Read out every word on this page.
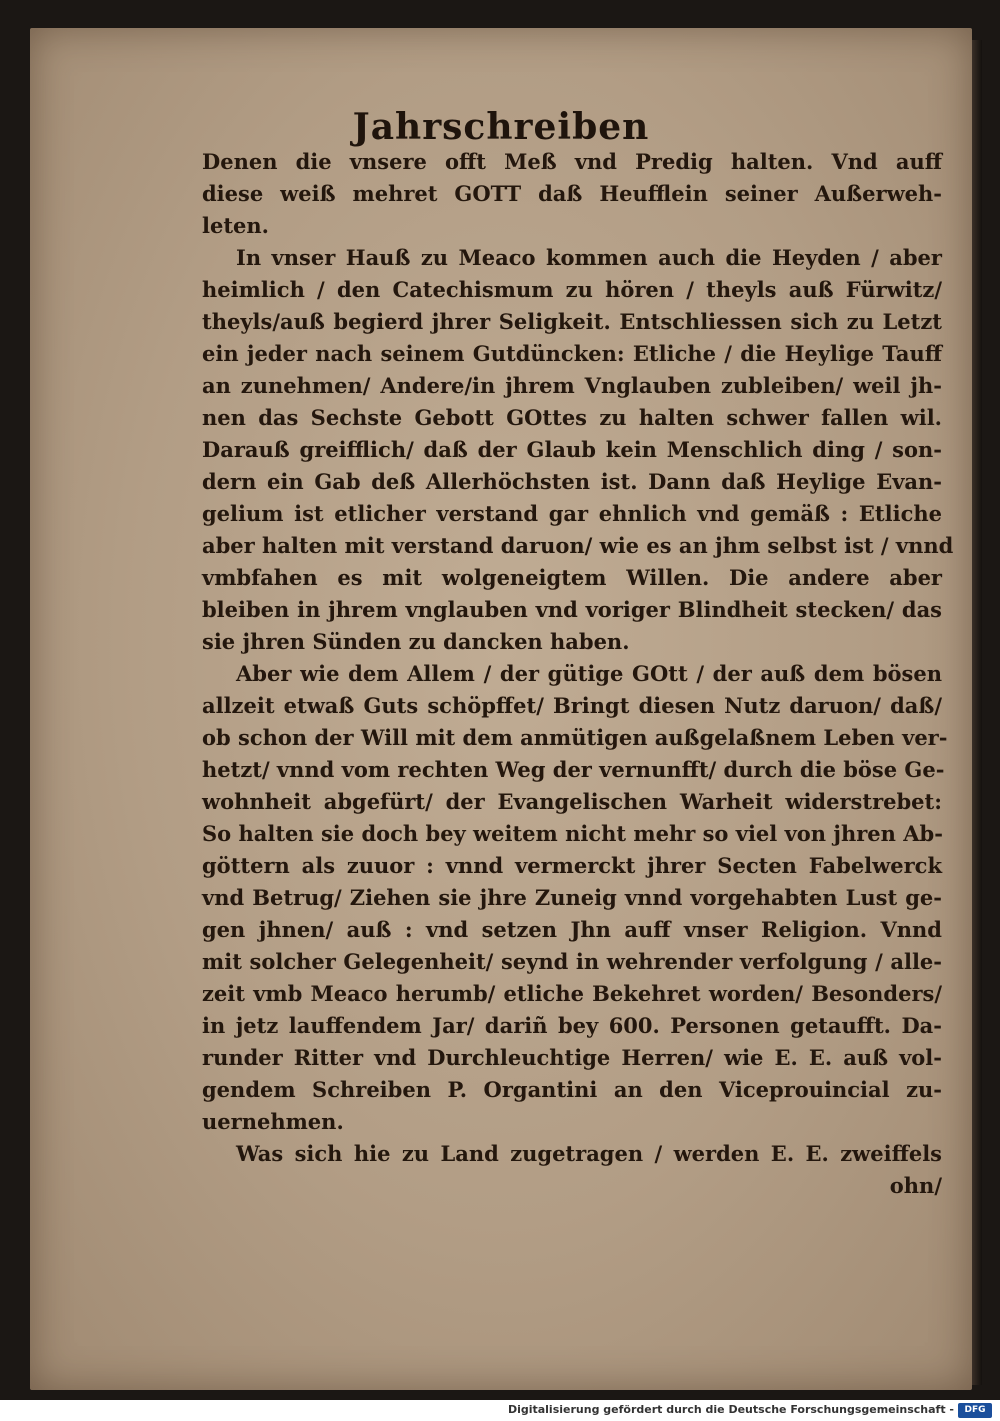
Jahrschreiben
Denen die vnsere offt Meß vnd Predig halten. Vnd auff
diese weiß mehret GOTT daß Heufflein seiner Außerweh-
leten.
In vnser Hauß zu Meaco kommen auch die Heyden / aber
heimlich / den Catechismum zu hören / theyls auß Fürwitz/
theyls/auß begierd jhrer Seligkeit. Entschliessen sich zu Letzt
ein jeder nach seinem Gutdüncken: Etliche / die Heylige Tauff
an zunehmen/ Andere/in jhrem Vnglauben zubleiben/ weil jh-
nen das Sechste Gebott GOttes zu halten schwer fallen wil.
Darauß greifflich/ daß der Glaub kein Menschlich ding / son-
dern ein Gab deß Allerhöchsten ist. Dann daß Heylige Evan-
gelium ist etlicher verstand gar ehnlich vnd gemäß : Etliche
aber halten mit verstand daruon/ wie es an jhm selbst ist / vnnd
vmbfahen es mit wolgeneigtem Willen. Die andere aber
bleiben in jhrem vnglauben vnd voriger Blindheit stecken/ das
sie jhren Sünden zu dancken haben.
Aber wie dem Allem / der gütige GOtt / der auß dem bösen
allzeit etwaß Guts schöpffet/ Bringt diesen Nutz daruon/ daß/
ob schon der Will mit dem anmütigen außgelaßnem Leben ver-
hetzt/ vnnd vom rechten Weg der vernunfft/ durch die böse Ge-
wohnheit abgefürt/ der Evangelischen Warheit widerstrebet:
So halten sie doch bey weitem nicht mehr so viel von jhren Ab-
göttern als zuuor : vnnd vermerckt jhrer Secten Fabelwerck
vnd Betrug/ Ziehen sie jhre Zuneig vnnd vorgehabten Lust ge-
gen jhnen/ auß : vnd setzen Jhn auff vnser Religion. Vnnd
mit solcher Gelegenheit/ seynd in wehrender verfolgung / alle-
zeit vmb Meaco herumb/ etliche Bekehret worden/ Besonders/
in jetz lauffendem Jar/ dariñ bey 600. Personen getaufft. Da-
runder Ritter vnd Durchleuchtige Herren/ wie E. E. auß vol-
gendem Schreiben P. Organtini an den Viceprouincial zu-
uernehmen.
Was sich hie zu Land zugetragen / werden E. E. zweiffels
ohn/
Digitalisierung gefördert durch die Deutsche Forschungsgemeinschaft -	DFG
